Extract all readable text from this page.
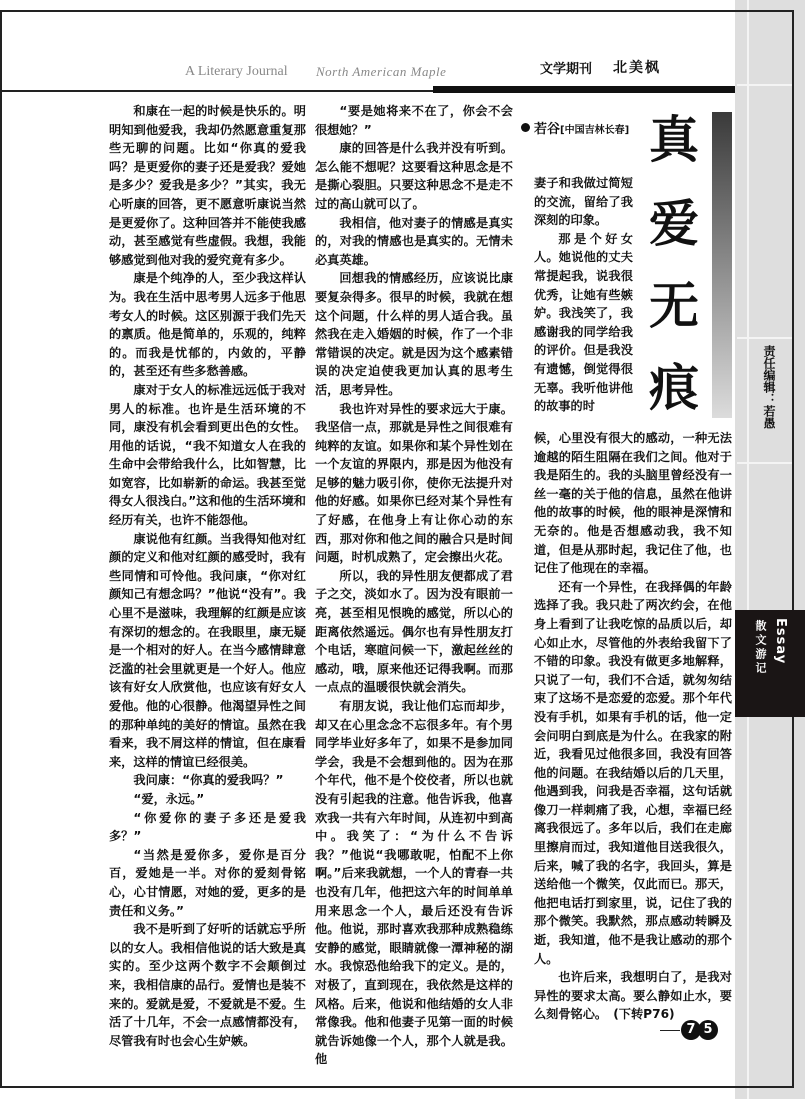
A Literary Journal North American Maple	文学期刊 北美枫

和康在一起的时候是快乐的。明明知到他爱我，我却仍然愿意重复那些无聊的问题。比如“你真的爱我吗？是更爱你的妻子还是爱我？爱她是多少？爱我是多少？”其实，我无心听康的回答，更不愿意听康说当然是更爱你了。这种回答并不能使我感动，甚至感觉有些虚假。我想，我能够感觉到他对我的爱究竟有多少。

康是个纯净的人，至少我这样认为。我在生活中思考男人远多于他思考女人的时候。这区别源于我们先天的禀质。他是简单的，乐观的，纯粹的。而我是忧郁的，内敛的，平静的，甚至还有些多愁善感。

康对于女人的标准远远低于我对男人的标准。也许是生活环境的不同，康没有机会看到更出色的女性。用他的话说，“我不知道女人在我的生命中会带给我什么，比如智慧，比如宽容，比如崭新的命运。我甚至觉得女人很浅白。”这和他的生活环境和经历有关，也许不能怨他。

康说他有红颜。当我得知他对红颜的定义和他对红颜的感受时，我有些同情和可怜他。我问康，“你对红颜知己有想念吗？”他说“没有”。我心里不是滋味，我理解的红颜是应该有深切的想念的。在我眼里，康无疑是一个相对的好人。在当今感情肆意泛滥的社会里就更是一个好人。他应该有好女人欣赏他，也应该有好女人爱他。他的心很静。他渴望异性之间的那种单纯的美好的情谊。虽然在我看来，我不屑这样的情谊，但在康看来，这样的情谊已经很美。

我问康：“你真的爱我吗？”

“爱，永远。”

“你爱你的妻子多还是爱我多？”

“当然是爱你多，爱你是百分百，爱她是一半。对你的爱刻骨铭心，心甘情愿，对她的爱，更多的是责任和义务。”

我不是听到了好听的话就忘乎所以的女人。我相信他说的话大致是真实的。至少这两个数字不会颠倒过来，我相信康的品行。爱情也是装不来的。爱就是爱，不爱就是不爱。生活了十几年，不会一点感情都没有，尽管我有时也会心生妒嫉。

“要是她将来不在了，你会不会很想她？”

康的回答是什么我并没有听到。怎么能不想呢？这要看这种思念是不是撕心裂胆。只要这种思念不是走不过的高山就可以了。

我相信，他对妻子的情感是真实的，对我的情感也是真实的。无情未必真英雄。

回想我的情感经历，应该说比康要复杂得多。很早的时候，我就在想这个问题，什么样的男人适合我。虽然我在走入婚姻的时候，作了一个非常错误的决定。就是因为这个感素错误的决定迫使我更加认真的思考生活，思考异性。

我也许对异性的要求远大于康。我坚信一点，那就是异性之间很难有纯粹的友谊。如果你和某个异性划在一个友谊的界限内，那是因为他没有足够的魅力吸引你，使你无法提升对他的好感。如果你已经对某个异性有了好感，在他身上有让你心动的东西，那对你和他之间的融合只是时间问题，时机成熟了，定会擦出火花。

所以，我的异性朋友便都成了君子之交，淡如水了。因为没有眼前一亮，甚至相见恨晚的感觉，所以心的距离依然遥远。偶尔也有异性朋友打个电话，寒暄问候一下，激起丝丝的感动，哦，原来他还记得我啊。而那一点点的温暖很快就会消失。

有朋友说，我让他们忘而却步，却又在心里念念不忘很多年。有个男同学毕业好多年了，如果不是参加同学会，我是不会想到他的。因为在那个年代，他不是个佼佼者，所以也就没有引起我的注意。他告诉我，他喜欢我一共有六年时间，从连初中到高中。我笑了：“为什么不告诉我？”他说“我哪敢呢，怕配不上你啊。”后来我就想，一个人的青春一共也没有几年，他把这六年的时间单单用来思念一个人，最后还没有告诉他。他说，那时喜欢我那种成熟稳练安静的感觉，眼睛就像一潭神秘的湖水。我惊恐他给我下的定义。是的，对极了，直到现在，我依然是这样的风格。后来，他说和他结婚的女人非常像我。他和他妻子见第一面的时候就告诉她像一个人，那个人就是我。他

若谷[中国吉林长春] 真
爱
无
痕

妻子和我做过简短的交流，留给了我深刻的印象。

那是个好女人。她说他的丈夫常提起我，说我很优秀，让她有些嫉妒。我浅笑了，我感谢我的同学给我的评价。但是我没有遗憾，倒觉得很无辜。我听他讲他的故事的时

候，心里没有很大的感动，一种无法逾越的陌生阻隔在我们之间。他对于我是陌生的。我的头脑里曾经没有一丝一毫的关于他的信息，虽然在他讲他的故事的时候，他的眼神是深情和无奈的。他是否想感动我，我不知道，但是从那时起，我记住了他，也记住了他现在的幸福。

还有一个异性，在我择偶的年龄选择了我。我只赴了两次约会，在他身上看到了让我吃惊的品质以后，却心如止水，尽管他的外表给我留下了不错的印象。我没有做更多地解释，只说了一句，我们不合适，就匆匆结束了这场不是恋爱的恋爱。那个年代没有手机，如果有手机的话，他一定会问明白到底是为什么。在我家的附近，我看见过他很多回，我没有回答他的问题。在我结婚以后的几天里，他遇到我，问我是否幸福，这句话就像刀一样刺痛了我，心想，幸福已经离我很远了。多年以后，我们在走廊里擦肩而过，我知道他目送我很久，后来，喊了我的名字，我回头，算是送给他一个微笑，仅此而已。那天，他把电话打到家里，说，记住了我的那个微笑。我默然，那点感动转瞬及逝，我知道，他不是我让感动的那个人。

也许后来，我想明白了，是我对异性的要求太高。要么静如止水，要么刻骨铭心。　(下转P76)

责任编辑：若愚
Essay
散文游记
7 5
